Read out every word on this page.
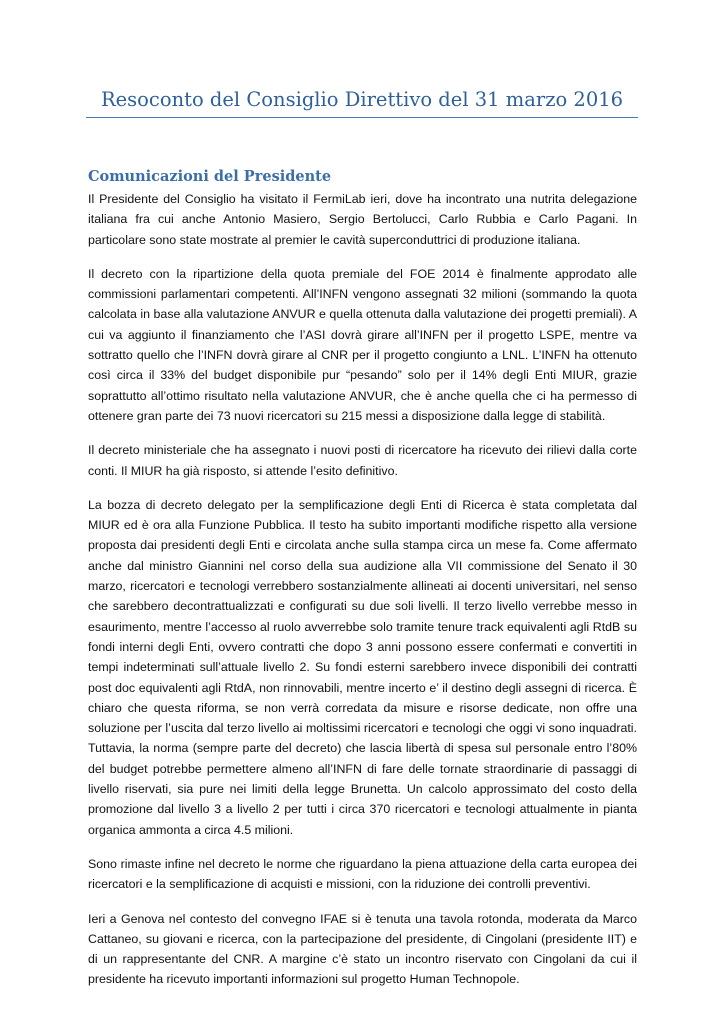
Resoconto del Consiglio Direttivo del 31 marzo 2016
Comunicazioni del Presidente

Il Presidente del Consiglio ha visitato il FermiLab ieri, dove ha incontrato una nutrita delegazione italiana fra cui anche Antonio Masiero, Sergio Bertolucci, Carlo Rubbia e Carlo Pagani. In particolare sono state mostrate al premier le cavità superconduttrici di produzione italiana.

Il decreto con la ripartizione della quota premiale del FOE 2014 è finalmente approdato alle commissioni parlamentari competenti. All’INFN vengono assegnati 32 milioni (sommando la quota calcolata in base alla valutazione ANVUR e quella ottenuta dalla valutazione dei progetti premiali). A cui va aggiunto il finanziamento che l’ASI dovrà girare all’INFN per il progetto LSPE, mentre va sottratto quello che l’INFN dovrà girare al CNR per il progetto congiunto a LNL. L’INFN ha ottenuto così circa il 33% del budget disponibile pur “pesando” solo per il 14% degli Enti MIUR, grazie soprattutto all’ottimo risultato nella valutazione ANVUR, che è anche quella che ci ha permesso di ottenere gran parte dei 73 nuovi ricercatori su 215 messi a disposizione dalla legge di stabilità.

Il decreto ministeriale che ha assegnato i nuovi posti di ricercatore ha ricevuto dei rilievi dalla corte conti. Il MIUR ha già risposto, si attende l’esito definitivo.

La bozza di decreto delegato per la semplificazione degli Enti di Ricerca è stata completata dal MIUR ed è ora alla Funzione Pubblica. Il testo ha subito importanti modifiche rispetto alla versione proposta dai presidenti degli Enti e circolata anche sulla stampa circa un mese fa. Come affermato anche dal ministro Giannini nel corso della sua audizione alla VII commissione del Senato il 30 marzo, ricercatori e tecnologi verrebbero sostanzialmente allineati ai docenti universitari, nel senso che sarebbero decontrattualizzati e configurati su due soli livelli. Il terzo livello verrebbe messo in esaurimento, mentre l’accesso al ruolo avverrebbe solo tramite tenure track equivalenti agli RtdB su fondi interni degli Enti, ovvero contratti che dopo 3 anni possono essere confermati e convertiti in tempi indeterminati sull’attuale livello 2. Su fondi esterni sarebbero invece disponibili dei contratti post doc equivalenti agli RtdA, non rinnovabili, mentre incerto e’ il destino degli assegni di ricerca. È chiaro che questa riforma, se non verrà corredata da misure e risorse dedicate, non offre una soluzione per l’uscita dal terzo livello ai moltissimi ricercatori e tecnologi che oggi vi sono inquadrati. Tuttavia, la norma (sempre parte del decreto) che lascia libertà di spesa sul personale entro l’80% del budget potrebbe permettere almeno all’INFN di fare delle tornate straordinarie di passaggi di livello riservati, sia pure nei limiti della legge Brunetta. Un calcolo approssimato del costo della promozione dal livello 3 a livello 2 per tutti i circa 370 ricercatori e tecnologi attualmente in pianta organica ammonta a circa 4.5 milioni.

Sono rimaste infine nel decreto le norme che riguardano la piena attuazione della carta europea dei ricercatori e la semplificazione di acquisti e missioni, con la riduzione dei controlli preventivi.

Ieri a Genova nel contesto del convegno IFAE si è tenuta una tavola rotonda, moderata da Marco Cattaneo, su giovani e ricerca, con la partecipazione del presidente, di Cingolani (presidente IIT) e di un rappresentante del CNR. A margine c’è stato un incontro riservato con Cingolani da cui il presidente ha ricevuto importanti informazioni sul progetto Human Technopole.
